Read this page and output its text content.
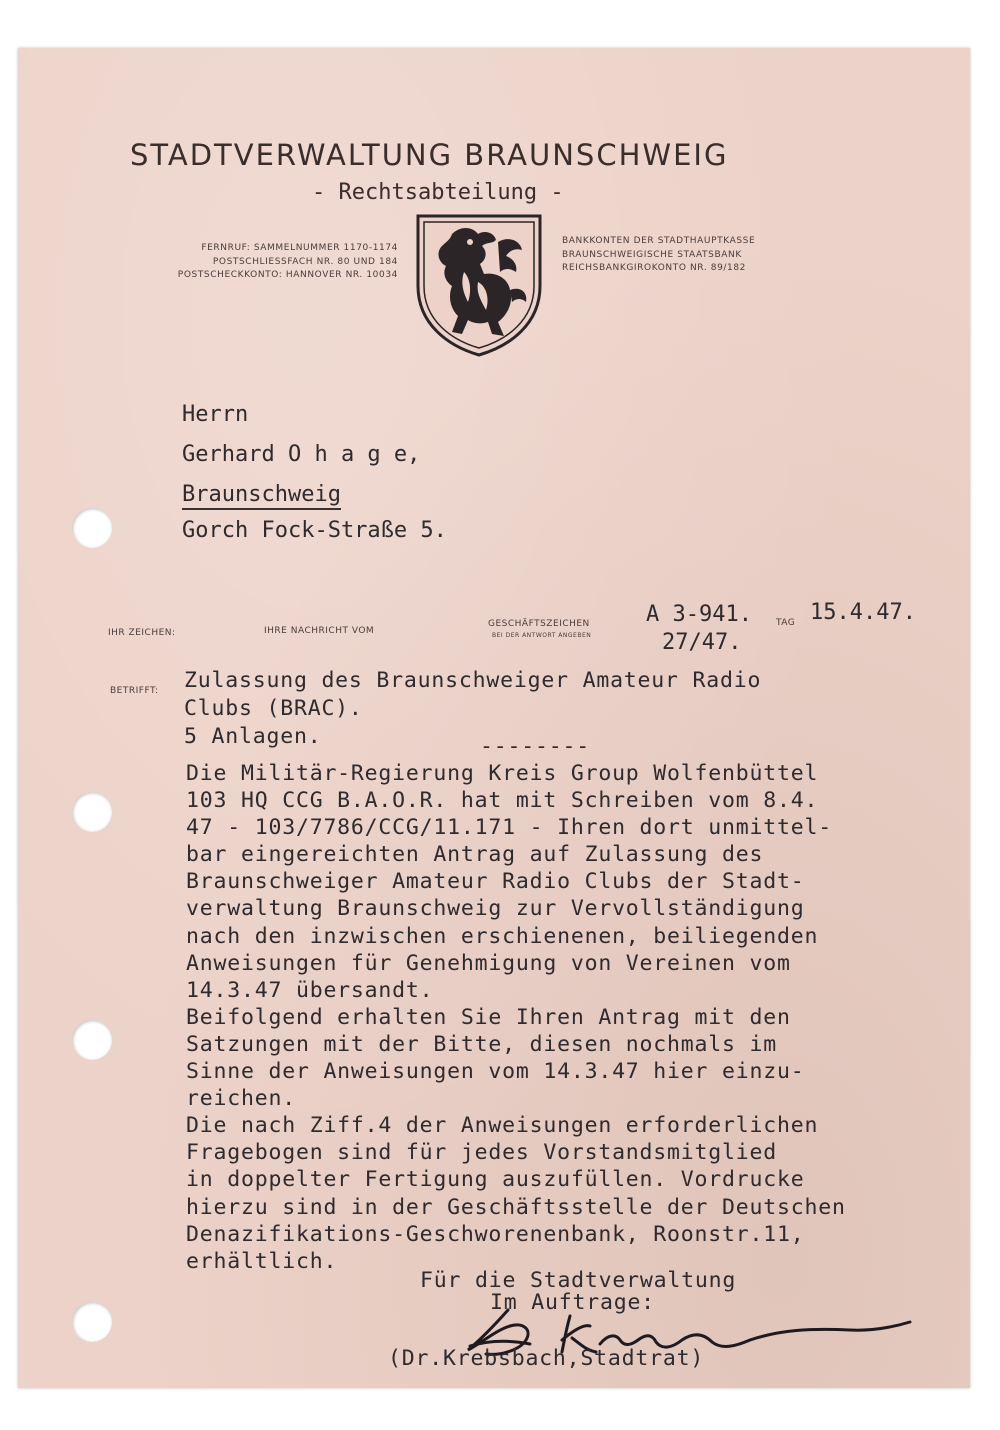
STADTVERWALTUNG BRAUNSCHWEIG
- Rechtsabteilung -
FERNRUF: SAMMELNUMMER 1170-1174
POSTSCHLIESSFACH NR. 80 UND 184
POSTSCHECKKONTO: HANNOVER NR. 10034
BANKKONTEN DER STADTHAUPTKASSE
BRAUNSCHWEIGISCHE STAATSBANK
REICHSBANKGIROKONTO NR. 89/182
Herrn
Gerhard O h a g e,
Braunschweig
Gorch Fock-Straße 5.
IHR ZEICHEN:	IHRE NACHRICHT VOM
GESCHÄFTSZEICHEN
BEI DER ANTWORT ANGEBEN
A 3-941.	TAG 15.4.47.
27/47.
BETRIFFT: Zulassung des Braunschweiger Amateur Radio
Clubs (BRAC).
5 Anlagen.	--------
Die Militär-Regierung Kreis Group Wolfenbüttel
103 HQ CCG B.A.O.R. hat mit Schreiben vom 8.4.
47 - 103/7786/CCG/11.171 - Ihren dort unmittel-
bar eingereichten Antrag auf Zulassung des
Braunschweiger Amateur Radio Clubs der Stadt-
verwaltung Braunschweig zur Vervollständigung
nach den inzwischen erschienenen, beiliegenden
Anweisungen für Genehmigung von Vereinen vom
14.3.47 übersandt.
Beifolgend erhalten Sie Ihren Antrag mit den
Satzungen mit der Bitte, diesen nochmals im
Sinne der Anweisungen vom 14.3.47 hier einzu-
reichen.
Die nach Ziff.4 der Anweisungen erforderlichen
Fragebogen sind für jedes Vorstandsmitglied
in doppelter Fertigung auszufüllen. Vordrucke
hierzu sind in der Geschäftsstelle der Deutschen
Denazifikations-Geschworenenbank, Roonstr.11,
erhältlich.
Für die Stadtverwaltung
Im Auftrage:
(Dr.Krebsbach,Stadtrat)
